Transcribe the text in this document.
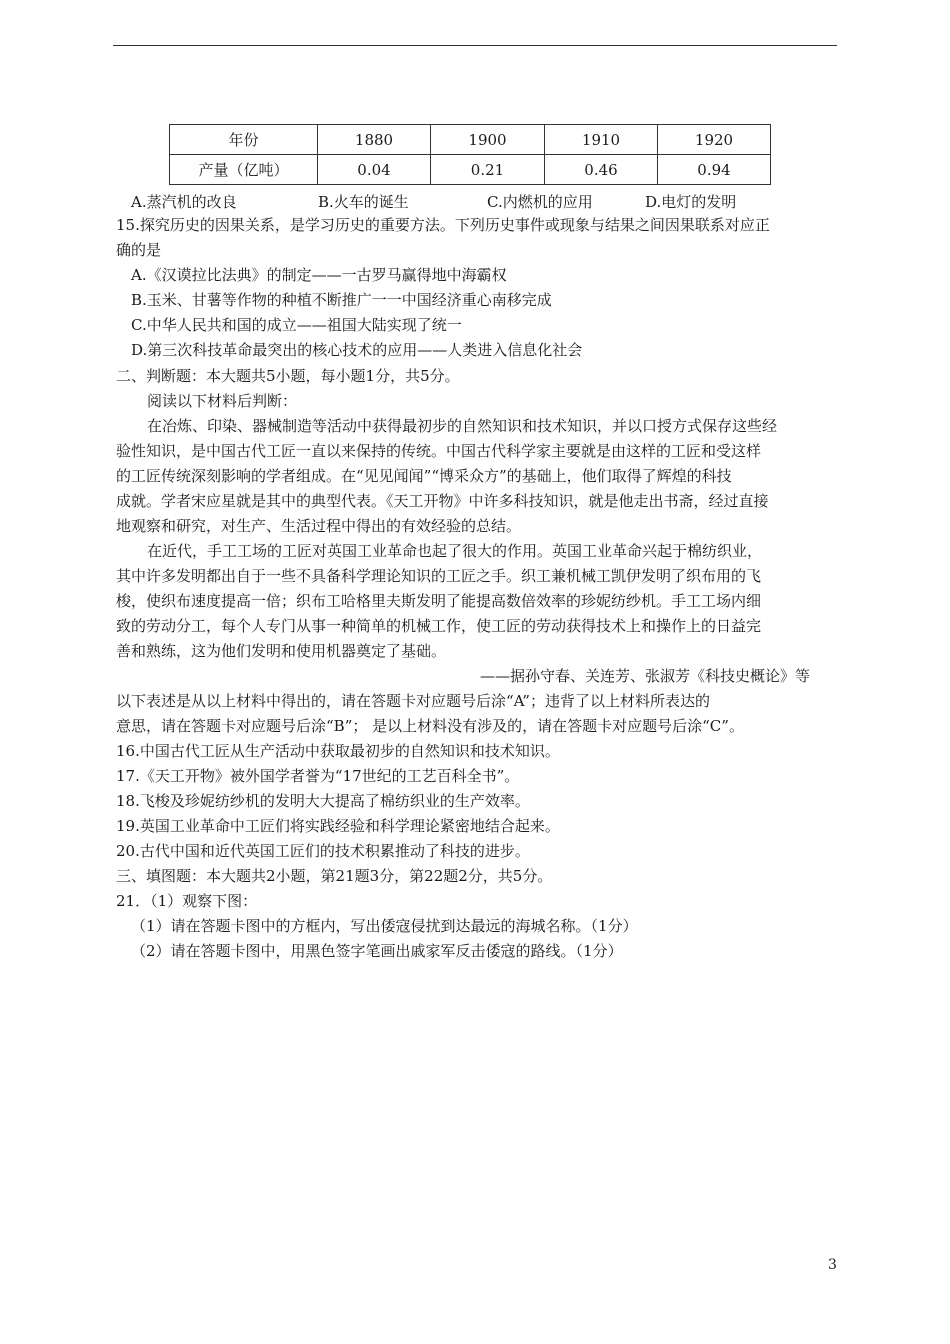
年份	1880	1900	1910	1920
产量（亿吨）	0.04	0.21	0.46	0.94
A.蒸汽机的改良	B.火车的诞生	C.内燃机的应用	D.电灯的发明
15.探究历史的因果关系，是学习历史的重要方法。下列历史事件或现象与结果之间因果联系对应正
确的是
A.《汉谟拉比法典》的制定——一古罗马赢得地中海霸权
B.玉米、甘薯等作物的种植不断推广一一中国经济重心南移完成
C.中华人民共和国的成立——祖国大陆实现了统一
D.第三次科技革命最突出的核心技术的应用——人类进入信息化社会
二、判断题：本大题共5小题，每小题1分，共5分。
阅读以下材料后判断：
在冶炼、印染、器械制造等活动中获得最初步的自然知识和技术知识，并以口授方式保存这些经
验性知识，是中国古代工匠一直以来保持的传统。中国古代科学家主要就是由这样的工匠和受这样
的工匠传统深刻影响的学者组成。在“见见闻闻”“博采众方”的基础上，他们取得了辉煌的科技
成就。学者宋应星就是其中的典型代表。《天工开物》中许多科技知识，就是他走出书斋，经过直接
地观察和研究，对生产、生活过程中得出的有效经验的总结。
在近代，手工工场的工匠对英国工业革命也起了很大的作用。英国工业革命兴起于棉纺织业，
其中许多发明都出自于一些不具备科学理论知识的工匠之手。织工兼机械工凯伊发明了织布用的飞
梭，使织布速度提高一倍；织布工哈格里夫斯发明了能提高数倍效率的珍妮纺纱机。手工工场内细
致的劳动分工，每个人专门从事一种简单的机械工作，使工匠的劳动获得技术上和操作上的日益完
善和熟练，这为他们发明和使用机器奠定了基础。
——据孙守春、关连芳、张淑芳《科技史概论》等
以下表述是从以上材料中得出的，请在答题卡对应题号后涂“A”；违背了以上材料所表达的
意思，请在答题卡对应题号后涂“B”； 是以上材料没有涉及的，请在答题卡对应题号后涂“C”。
16.中国古代工匠从生产活动中获取最初步的自然知识和技术知识。
17.《天工开物》被外国学者誉为“17世纪的工艺百科全书”。
18.飞梭及珍妮纺纱机的发明大大提高了棉纺织业的生产效率。
19.英国工业革命中工匠们将实践经验和科学理论紧密地结合起来。
20.古代中国和近代英国工匠们的技术积累推动了科技的进步。
三、填图题：本大题共2小题，第21题3分，第22题2分，共5分。
21．（1）观察下图：
（1）请在答题卡图中的方框内，写出倭寇侵扰到达最远的海城名称。（1分）
（2）请在答题卡图中，用黑色签字笔画出戚家军反击倭寇的路线。（1分）
3
